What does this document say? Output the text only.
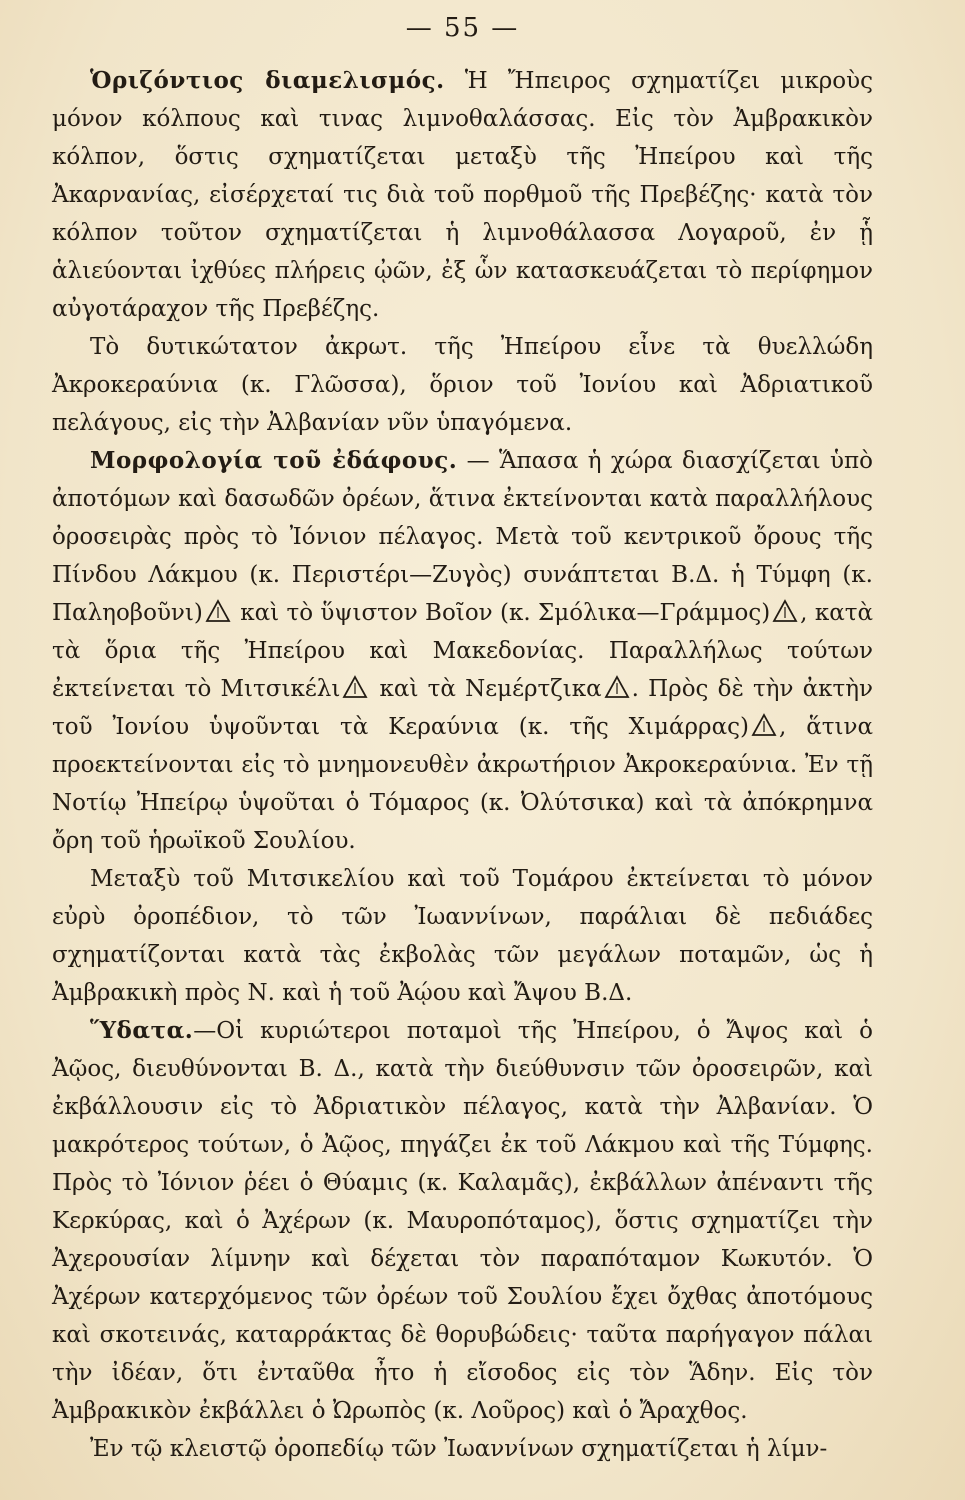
— 55 —

Ὁριζόντιος διαμελισμός. Ἡ Ἤπειρος σχηματίζει μικροὺς μόνον κόλπους καὶ τινας λιμνοθαλάσσας. Εἰς τὸν Ἀμβρακικὸν κόλπον, ὅστις σχηματίζεται μεταξὺ τῆς Ἠπείρου καὶ τῆς Ἀκαρνανίας, εἰσέρχεταί τις διὰ τοῦ πορθμοῦ τῆς Πρεβέζης· κατὰ τὸν κόλπον τοῦτον σχηματίζεται ἡ λιμνοθάλασσα Λογαροῦ, ἐν ᾗ ἁλιεύονται ἰχθύες πλήρεις ᾠῶν, ἐξ ὧν κατασκευάζεται τὸ περίφημον αὐγοτάραχον τῆς Πρεβέζης.

Τὸ δυτικώτατον ἀκρωτ. τῆς Ἠπείρου εἶνε τὰ θυελλώδη Ἀκροκεραύνια (κ. Γλῶσσα), ὅριον τοῦ Ἰονίου καὶ Ἀδριατικοῦ πελάγους, εἰς τὴν Ἀλβανίαν νῦν ὑπαγόμενα.

Μορφολογία τοῦ ἐδάφους. — Ἅπασα ἡ χώρα διασχίζεται ὑπὸ ἀποτόμων καὶ δασωδῶν ὀρέων, ἅτινα ἐκτείνονται κατὰ παραλλήλους ὀροσειρὰς πρὸς τὸ Ἰόνιον πέλαγος. Μετὰ τοῦ κεντρικοῦ ὄρους τῆς Πίνδου Λάκμου (κ. Περιστέρι—Ζυγὸς) συνάπτεται Β.Δ. ἡ Τύμφη (κ. Παληοβοῦνι)
καὶ τὸ ὕψιστον Βοῖον (κ. Σμόλικα—Γράμμος) , κατὰ τὰ ὅρια τῆς Ἠπείρου καὶ Μακεδονίας. Παραλλήλως τούτων ἐκτείνεται τὸ Μιτσικέλι
καὶ τὰ Νεμέρτζικα . Πρὸς δὲ τὴν ἀκτὴν τοῦ Ἰονίου ὑψοῦνται τὰ Κεραύνια (κ. τῆς Χιμάρρας) , ἅτινα προεκτείνονται εἰς τὸ μνημονευθὲν ἀκρωτήριον Ἀκροκεραύνια. Ἐν τῇ Νοτίῳ Ἠπείρῳ ὑψοῦται ὁ Τόμαρος (κ. Ὀλύτσικα) καὶ τὰ ἀπόκρημνα ὄρη τοῦ ἡρωϊκοῦ Σουλίου.

Μεταξὺ τοῦ Μιτσικελίου καὶ τοῦ Τομάρου ἐκτείνεται τὸ μόνον εὐρὺ ὀροπέδιον, τὸ τῶν Ἰωαννίνων, παράλιαι δὲ πεδιάδες σχηματίζονται κατὰ τὰς ἐκβολὰς τῶν μεγάλων ποταμῶν, ὡς ἡ Ἀμβρακικὴ πρὸς Ν. καὶ ἡ τοῦ Ἀῴου καὶ Ἄψου Β.Δ.

Ὕδατα.—Οἱ κυριώτεροι ποταμοὶ τῆς Ἠπείρου, ὁ Ἄψος καὶ ὁ Ἀῷος, διευθύνονται Β. Δ., κατὰ τὴν διεύθυνσιν τῶν ὀροσειρῶν, καὶ ἐκβάλλουσιν εἰς τὸ Ἀδριατικὸν πέλαγος, κατὰ τὴν Ἀλβανίαν. Ὁ μακρότερος τούτων, ὁ Ἀῷος, πηγάζει ἐκ τοῦ Λάκμου καὶ τῆς Τύμφης. Πρὸς τὸ Ἰόνιον ῥέει ὁ Θύαμις (κ. Καλαμᾶς), ἐκβάλλων ἀπέναντι τῆς Κερκύρας, καὶ ὁ Ἀχέρων (κ. Μαυροπόταμος), ὅστις σχηματίζει τὴν Ἀχερουσίαν λίμνην καὶ δέχεται τὸν παραπόταμον Κωκυτόν. Ὁ Ἀχέρων κατερχόμενος τῶν ὀρέων τοῦ Σουλίου ἔχει ὄχθας ἀποτόμους καὶ σκοτεινάς, καταρράκτας δὲ θορυβώδεις· ταῦτα παρήγαγον πάλαι τὴν ἰδέαν, ὅτι ἐνταῦθα ἦτο ἡ εἴσοδος εἰς τὸν Ἅδην. Εἰς τὸν Ἀμβρακικὸν ἐκβάλλει ὁ Ὠρωπὸς (κ. Λοῦρος) καὶ ὁ Ἄραχθος.

Ἐν τῷ κλειστῷ ὀροπεδίῳ τῶν Ἰωαννίνων σχηματίζεται ἡ λίμν-
